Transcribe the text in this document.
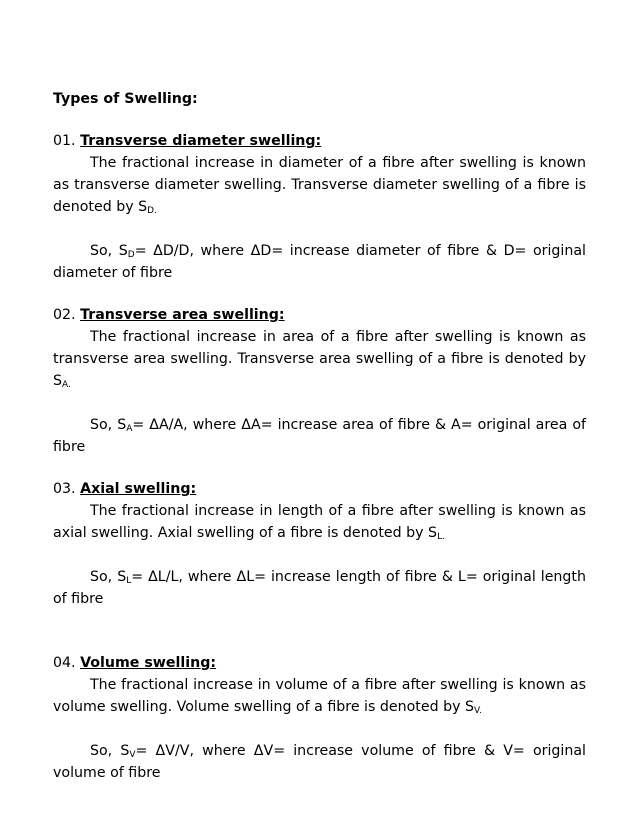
Types of Swelling:

01. Transverse diameter swelling:

The fractional increase in diameter of a fibre after swelling is known as transverse diameter swelling. Transverse diameter swelling of a fibre is denoted by $S_{D.}$

So, $S_D= \Delta D/D$, where ΔD= increase diameter of fibre & D= original diameter of fibre

02. Transverse area swelling:

The fractional increase in area of a fibre after swelling is known as transverse area swelling. Transverse area swelling of a fibre is denoted by $S_{A.}$

So, $S_A= \Delta A/A$, where ΔA= increase area of fibre & A= original area of fibre

03. Axial swelling:

The fractional increase in length of a fibre after swelling is known as axial swelling. Axial swelling of a fibre is denoted by $S_{L.}$

So, $S_L= \Delta L/L$, where ΔL= increase length of fibre & L= original length of fibre

04. Volume swelling:

The fractional increase in volume of a fibre after swelling is known as volume swelling. Volume swelling of a fibre is denoted by $S_{V.}$

So, $S_V= \Delta V/V$, where ΔV= increase volume of fibre & V= original volume of fibre
